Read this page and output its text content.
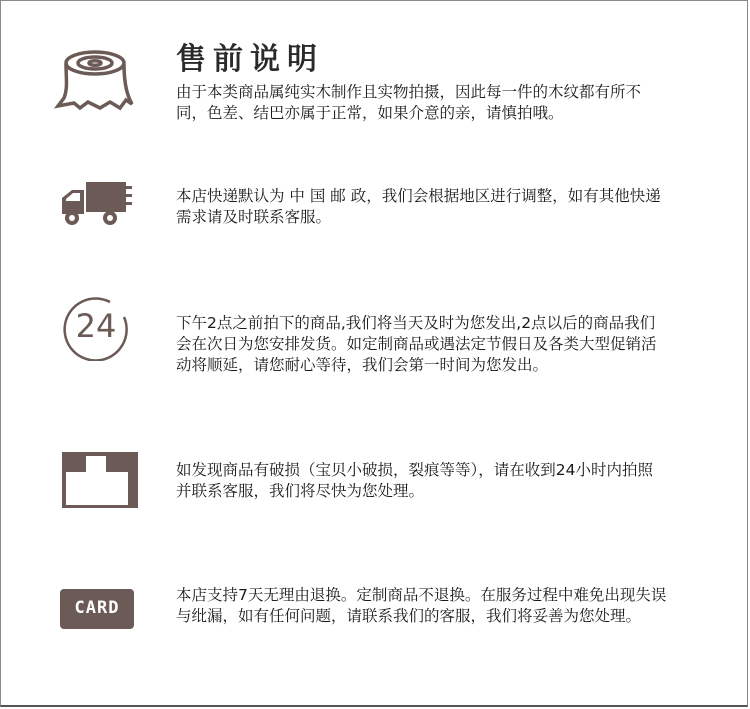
售前说明
由于本类商品属纯实木制作且实物拍摄，因此每一件的木纹都有所不同，色差、结巴亦属于正常，如果介意的亲，请慎拍哦。
本店快递默认为 中 国 邮 政，我们会根据地区进行调整，如有其他快递需求请及时联系客服。
24	下午2点之前拍下的商品,我们将当天及时为您发出,2点以后的商品我们会在次日为您安排发货。如定制商品或遇法定节假日及各类大型促销活动将顺延，请您耐心等待，我们会第一时间为您发出。
如发现商品有破损（宝贝小破损，裂痕等等），请在收到24小时内拍照并联系客服，我们将尽快为您处理。
CARD
本店支持7天无理由退换。定制商品不退换。在服务过程中难免出现失误与纰漏，如有任何问题，请联系我们的客服，我们将妥善为您处理。
